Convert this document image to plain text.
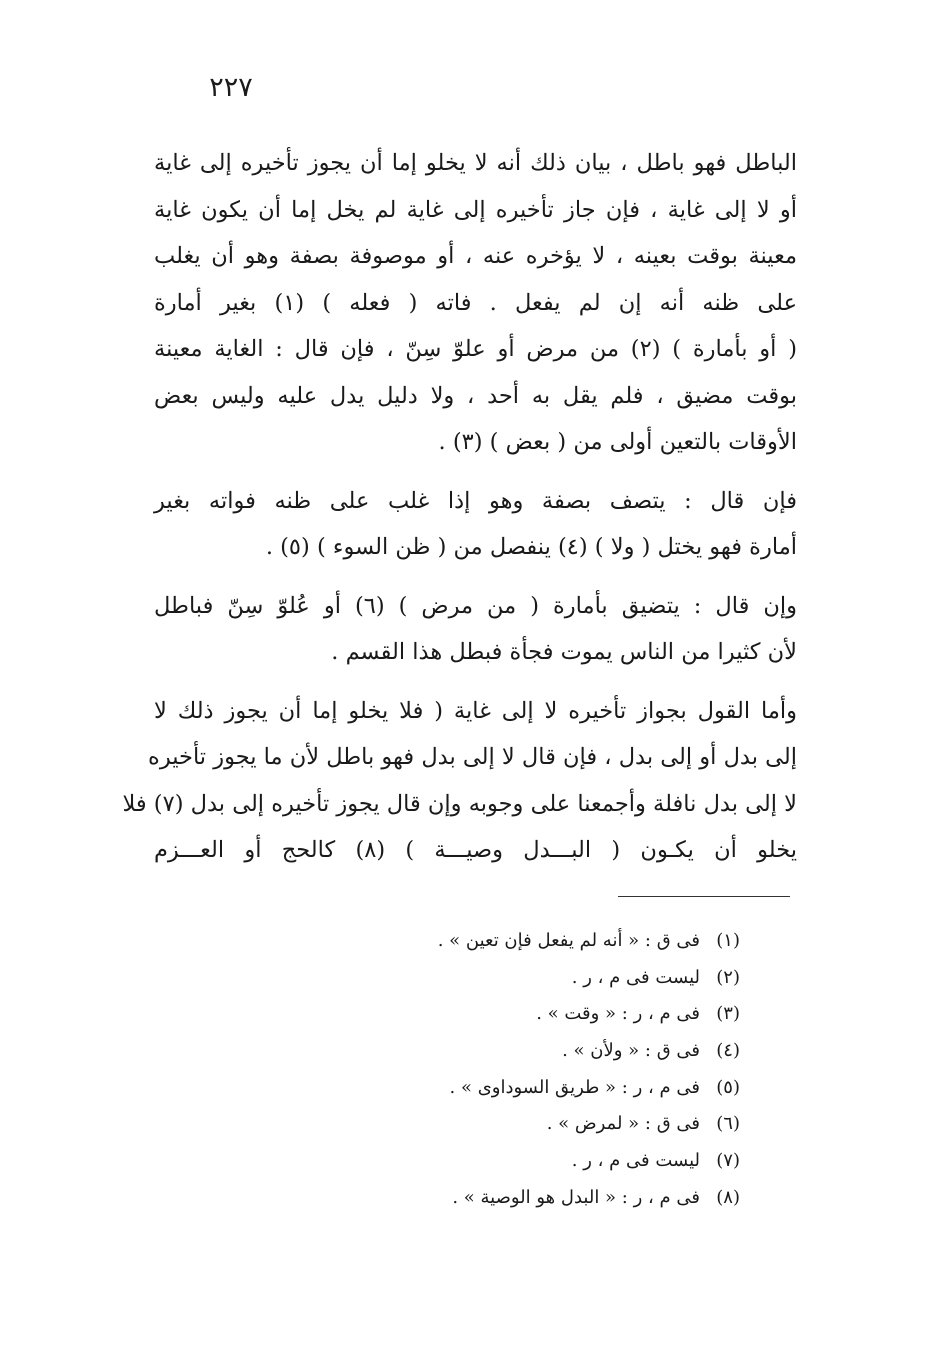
٢٢٧
الباطل فهو باطل ، بيان ذلك أنه لا يخلو إما أن يجوز تأخيره إلى غاية
أو لا إلى غاية ، فإن جاز تأخيره إلى غاية لم يخل إما أن يكون غاية
معينة بوقت بعينه ، لا يؤخره عنه ، أو موصوفة بصفة وهو أن يغلب
على ظنه أنه إن لم يفعل . فاته ( فعله ) (١) بغير أمارة
( أو بأمارة ) (٢) من مرض أو علوّ سِنّ ، فإن قال : الغاية معينة
بوقت مضيق ، فلم يقل به أحد ، ولا دليل يدل عليه وليس بعض
الأوقات بالتعين أولى من ( بعض ) (٣) .
فإن قال : يتصف بصفة وهو إذا غلب على ظنه فواته بغير
أمارة فهو يختل ( ولا ) (٤) ينفصل من ( ظن السوء ) (٥) .
وإن قال : يتضيق بأمارة ( من مرض ) (٦) أو عُلوّ سِنّ فباطل
لأن كثيرا من الناس يموت فجأة فبطل هذا القسم .
وأما القول بجواز تأخيره لا إلى غاية ( فلا يخلو إما أن يجوز ذلك لا
إلى بدل أو إلى بدل ، فإن قال لا إلى بدل فهو باطل لأن ما يجوز تأخيره
لا إلى بدل نافلة وأجمعنا على وجوبه وإن قال يجوز تأخيره إلى بدل (٧) فلا
يخلو أن يكـون ( البـــدل وصيـــة ) (٨) كالحج أو العـــزم
(١)فى ق : « أنه لم يفعل فإن تعين » .
(٢)ليست فى م ، ر .
(٣)فى م ، ر : « وقت » .
(٤)فى ق : « ولأن » .
(٥)فى م ، ر : « طريق السوداوى » .
(٦)فى ق : « لمرض » .
(٧)ليست فى م ، ر .
(٨)فى م ، ر : « البدل هو الوصية » .
